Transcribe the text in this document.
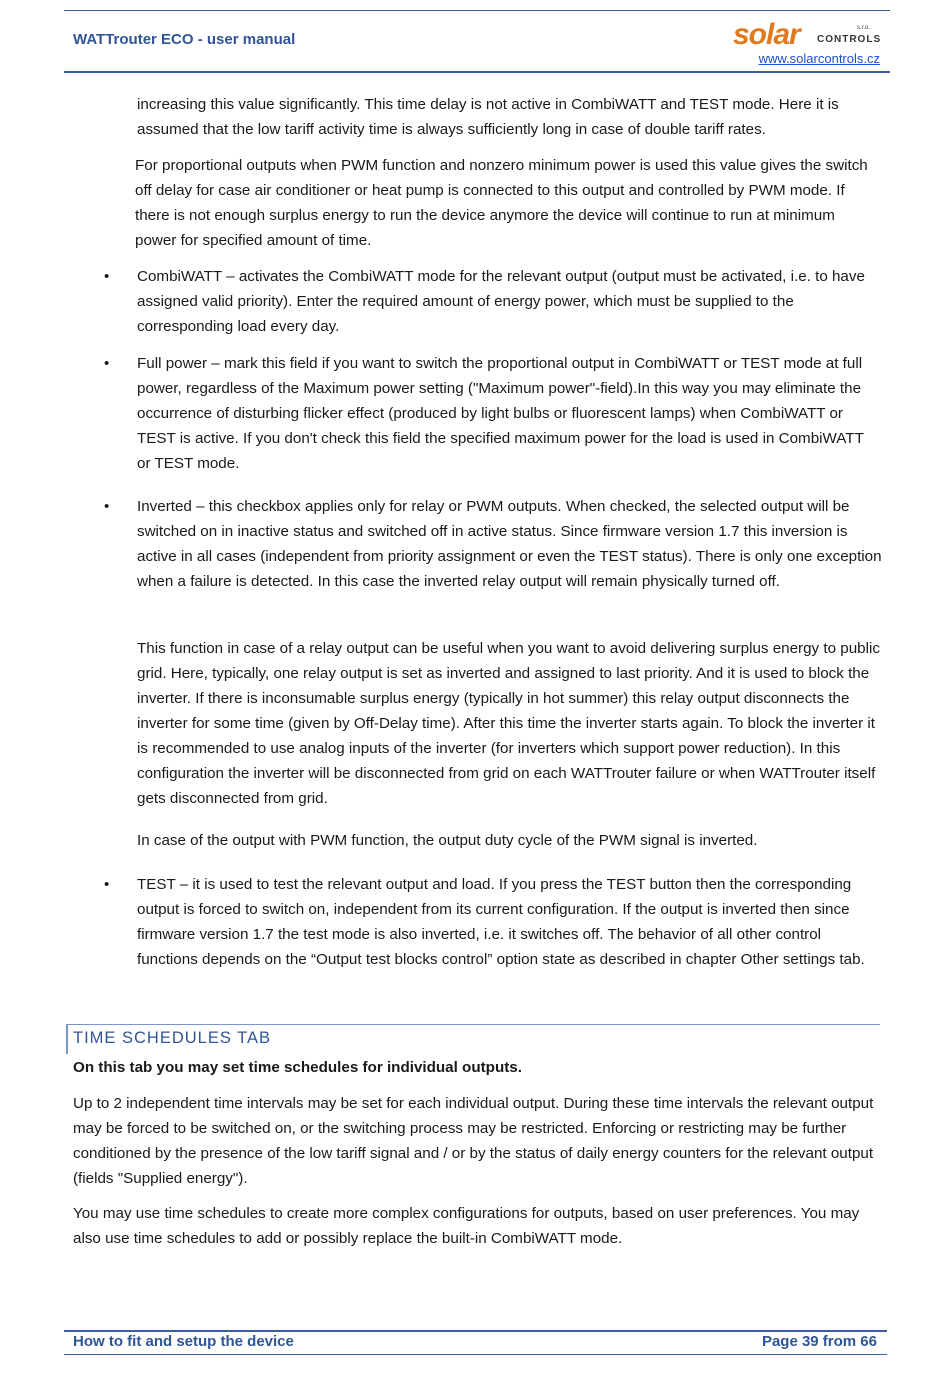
WATTrouter ECO - user manual	solar CONTROLS
s.r.o.
www.solarcontrols.cz

increasing this value significantly. This time delay is not active in CombiWATT and TEST mode. Here it is assumed that the low tariff activity time is always sufficiently long in case of double tariff rates.

For proportional outputs when PWM function and nonzero minimum power is used this value gives the switch off delay for case air conditioner or heat pump is connected to this output and controlled by PWM mode. If there is not enough surplus energy to run the device anymore the device will continue to run at minimum power for specified amount of time.

• CombiWATT – activates the CombiWATT mode for the relevant output (output must be activated, i.e. to have assigned valid priority). Enter the required amount of energy power, which must be supplied to the corresponding load every day.

• Full power – mark this field if you want to switch the proportional output in CombiWATT or TEST mode at full power, regardless of the Maximum power setting ("Maximum power"-field).In this way you may eliminate the occurrence of disturbing flicker effect (produced by light bulbs or fluorescent lamps) when CombiWATT or TEST is active. If you don't check this field the specified maximum power for the load is used in CombiWATT or TEST mode.

• Inverted – this checkbox applies only for relay or PWM outputs. When checked, the selected output will be switched on in inactive status and switched off in active status. Since firmware version 1.7 this inversion is active in all cases (independent from priority assignment or even the TEST status). There is only one exception when a failure is detected. In this case the inverted relay output will remain physically turned off.

This function in case of a relay output can be useful when you want to avoid delivering surplus energy to public grid. Here, typically, one relay output is set as inverted and assigned to last priority. And it is used to block the inverter. If there is inconsumable surplus energy (typically in hot summer) this relay output disconnects the inverter for some time (given by Off-Delay time). After this time the inverter starts again. To block the inverter it is recommended to use analog inputs of the inverter (for inverters which support power reduction). In this configuration the inverter will be disconnected from grid on each WATTrouter failure or when WATTrouter itself gets disconnected from grid.

In case of the output with PWM function, the output duty cycle of the PWM signal is inverted.

• TEST – it is used to test the relevant output and load. If you press the TEST button then the corresponding output is forced to switch on, independent from its current configuration. If the output is inverted then since firmware version 1.7 the test mode is also inverted, i.e. it switches off. The behavior of all other control functions depends on the “Output test blocks control” option state as described in chapter Other settings tab.

TIME SCHEDULES TAB

On this tab you may set time schedules for individual outputs.

Up to 2 independent time intervals may be set for each individual output. During these time intervals the relevant output may be forced to be switched on, or the switching process may be restricted. Enforcing or restricting may be further conditioned by the presence of the low tariff signal and / or by the status of daily energy counters for the relevant output (fields "Supplied energy").

You may use time schedules to create more complex configurations for outputs, based on user preferences. You may also use time schedules to add or possibly replace the built-in CombiWATT mode.

How to fit and setup the device	Page 39 from 66
